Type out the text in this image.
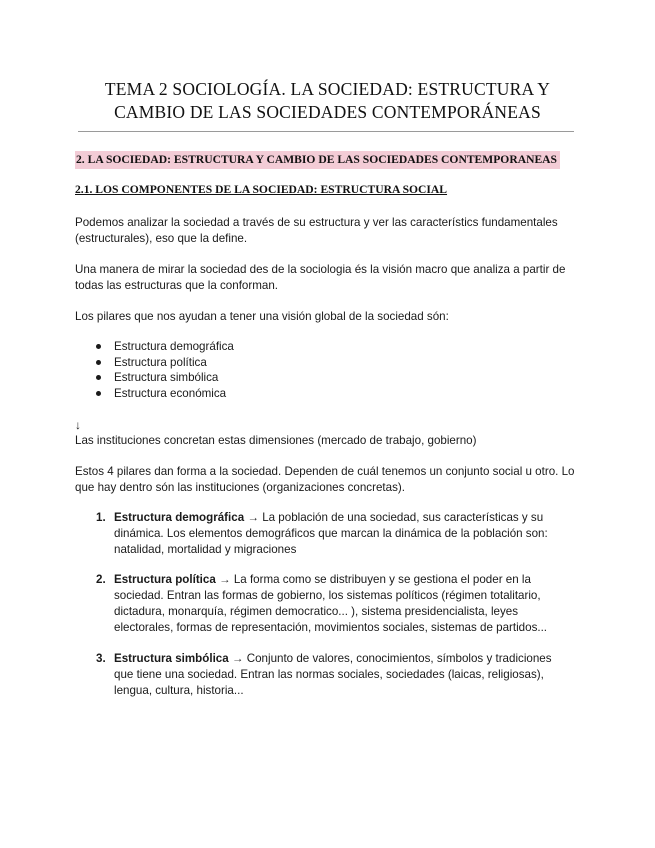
TEMA 2 SOCIOLOGÍA. LA SOCIEDAD: ESTRUCTURA Y
CAMBIO DE LAS SOCIEDADES CONTEMPORÁNEAS
2. LA SOCIEDAD: ESTRUCTURA Y CAMBIO DE LAS SOCIEDADES CONTEMPORANEAS
2.1. LOS COMPONENTES DE LA SOCIEDAD: ESTRUCTURA SOCIAL

Podemos analizar la sociedad a través de su estructura y ver las característics fundamentales (estructurales), eso que la define.

Una manera de mirar la sociedad des de la sociologia és la visión macro que analiza a partir de todas las estructuras que la conforman.

Los pilares que nos ayudan a tener una visión global de la sociedad són:

Estructura demográfica
Estructura política
Estructura simbólica
Estructura económica
↓

Las instituciones concretan estas dimensiones (mercado de trabajo, gobierno)

Estos 4 pilares dan forma a la sociedad. Dependen de cuál tenemos un conjunto social u otro. Lo que hay dentro són las instituciones (organizaciones concretas).

1. Estructura demográfica → La población de una sociedad, sus características y su dinámica. Los elementos demográficos que marcan la dinámica de la población son: natalidad, mortalidad y migraciones
2. Estructura política → La forma como se distribuyen y se gestiona el poder en la sociedad. Entran las formas de gobierno, los sistemas políticos (régimen totalitario, dictadura, monarquía, régimen democratico... ), sistema presidencialista, leyes electorales, formas de representación, movimientos sociales, sistemas de partidos...
3. Estructura simbólica → Conjunto de valores, conocimientos, símbolos y tradiciones que tiene una sociedad. Entran las normas sociales, sociedades (laicas, religiosas), lengua, cultura, historia...
